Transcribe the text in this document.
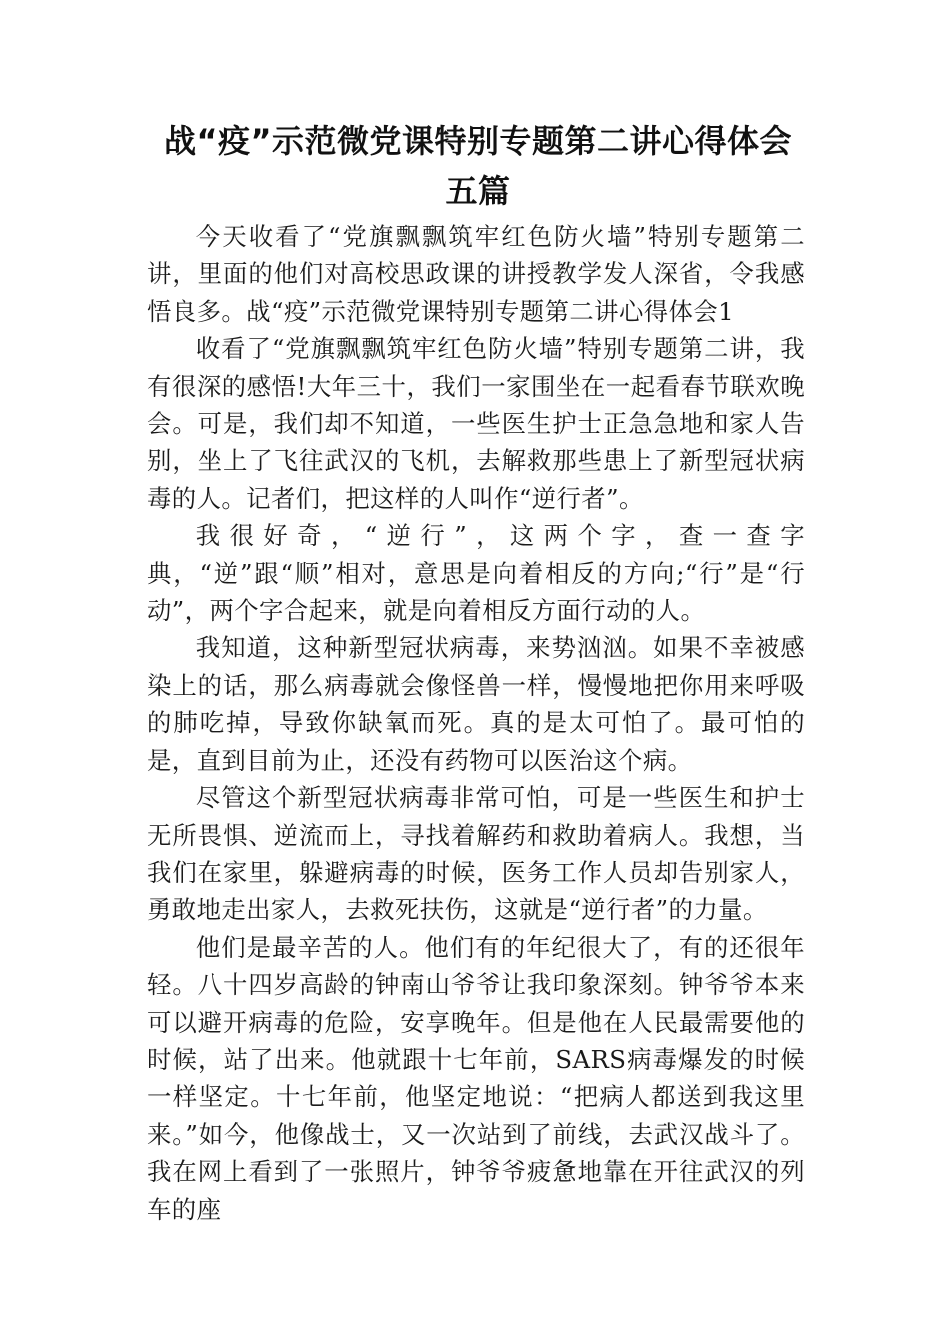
战“疫”示范微党课特别专题第二讲心得体会五篇

今天收看了“党旗飘飘筑牢红色防火墙”特别专题第二讲，里面的他们对高校思政课的讲授教学发人深省，令我感悟良多。战“疫”示范微党课特别专题第二讲心得体会1

收看了“党旗飘飘筑牢红色防火墙”特别专题第二讲，我有很深的感悟!大年三十，我们一家围坐在一起看春节联欢晚会。可是，我们却不知道，一些医生护士正急急地和家人告别，坐上了飞往武汉的飞机，去解救那些患上了新型冠状病毒的人。记者们，把这样的人叫作“逆行者”。

我很好奇，“逆行”，这两个字，查一查字典，“逆”跟“顺”相对，意思是向着相反的方向;“行”是“行动”，两个字合起来，就是向着相反方面行动的人。

我知道，这种新型冠状病毒，来势汹汹。如果不幸被感染上的话，那么病毒就会像怪兽一样，慢慢地把你用来呼吸的肺吃掉，导致你缺氧而死。真的是太可怕了。最可怕的是，直到目前为止，还没有药物可以医治这个病。

尽管这个新型冠状病毒非常可怕，可是一些医生和护士无所畏惧、逆流而上，寻找着解药和救助着病人。我想，当我们在家里，躲避病毒的时候，医务工作人员却告别家人，勇敢地走出家人，去救死扶伤，这就是“逆行者”的力量。

他们是最辛苦的人。他们有的年纪很大了，有的还很年轻。八十四岁高龄的钟南山爷爷让我印象深刻。钟爷爷本来可以避开病毒的危险，安享晚年。但是他在人民最需要他的时候，站了出来。他就跟十七年前，SARS病毒爆发的时候一样坚定。十七年前，他坚定地说：“把病人都送到我这里来。”如今，他像战士，又一次站到了前线，去武汉战斗了。我在网上看到了一张照片，钟爷爷疲惫地靠在开往武汉的列车的座
